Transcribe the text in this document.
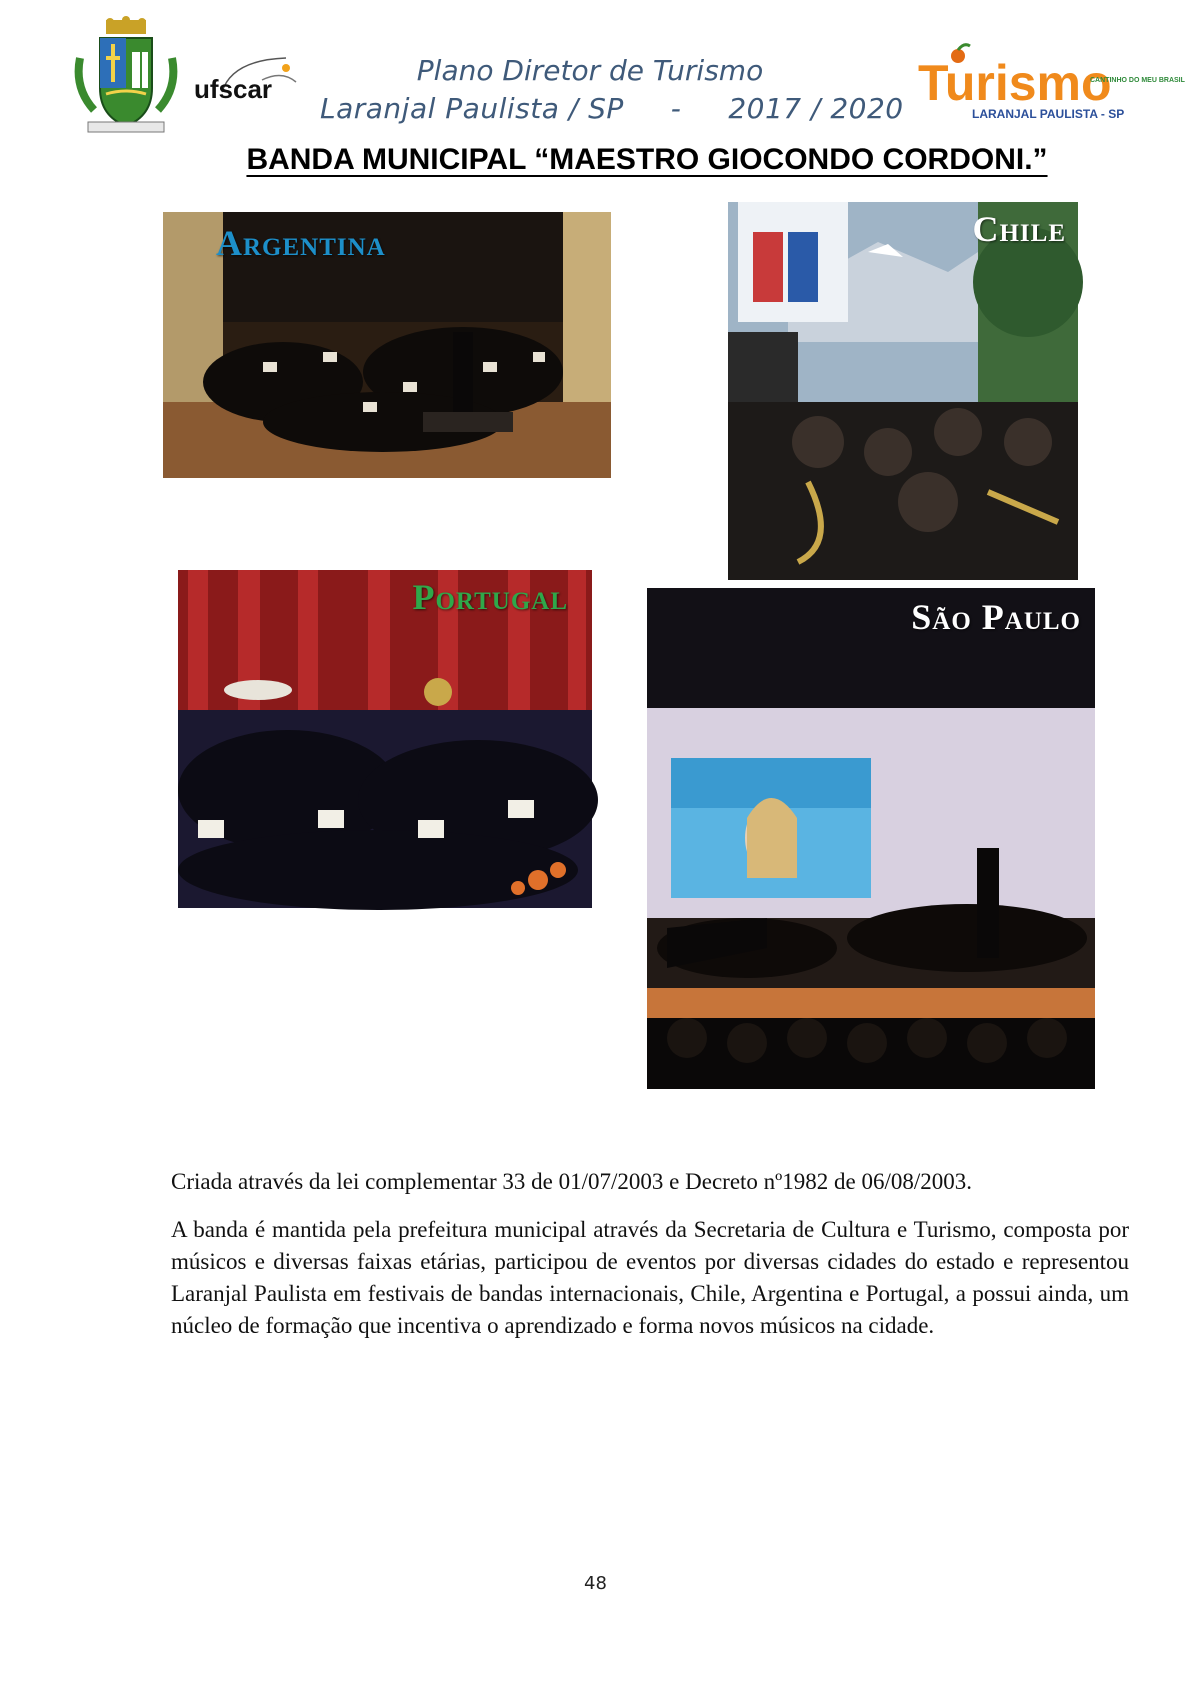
ufscar
Plano Diretor de Turismo
Laranjal Paulista / SP     -     2017 / 2020 Turismo
CANTINHO DO MEU BRASIL
LARANJAL PAULISTA - SP
BANDA MUNICIPAL “MAESTRO GIOCONDO CORDONI.”
Argentina	Chile
Portugal	São Paulo

Criada através da lei complementar 33 de 01/07/2003 e Decreto nº1982 de 06/08/2003.

A banda é mantida pela prefeitura municipal através da Secretaria de Cultura e Turismo, composta por músicos e diversas faixas etárias, participou de eventos por diversas cidades do estado e representou Laranjal Paulista em festivais de bandas internacionais, Chile, Argentina e Portugal, a possui ainda, um núcleo de formação que incentiva o aprendizado e forma novos músicos na cidade.

48
